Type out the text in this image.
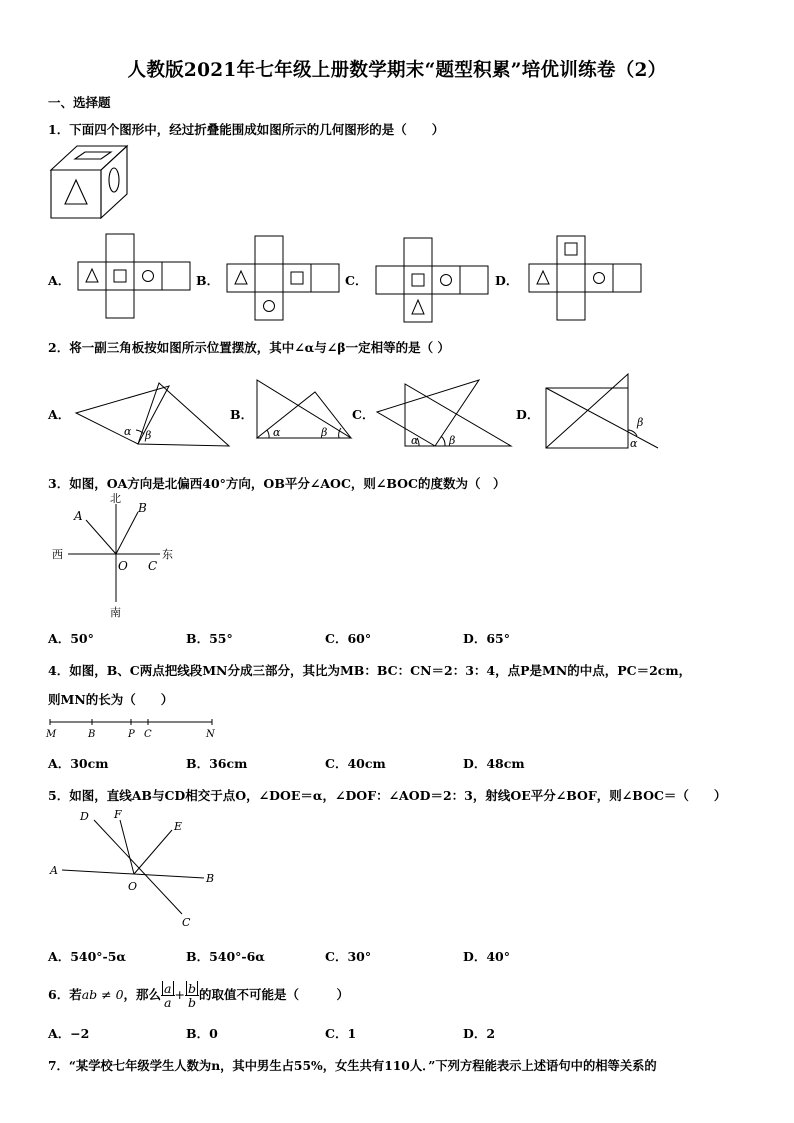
人教版2021年七年级上册数学期末“题型积累”培优训练卷（2）
一、选择题
1．下面四个图形中，经过折叠能围成如图所示的几何图形的是（　　）
A．	B．	C．	D．
2．将一副三角板按如图所示位置摆放，其中∠α与∠β一定相等的是（ ）
A．
α β
B．
α	β
C．
α	β
D．
β
α
3．如图，OA方向是北偏西40°方向，OB平分∠AOC，则∠BOC的度数为（　）
北
南
西	东
A
B
C
O
A．50°	B．55°	C．60°	D．65°
4．如图，B、C两点把线段MN分成三部分，其比为MB：BC：CN＝2：3：4，点P是MN的中点，PC＝2cm，
则MN的长为（　　）
M	B	P C	N
A．30cm	B．36cm	C．40cm	D．48cm
5．如图，直线AB与CD相交于点O，∠DOE＝α，∠DOF：∠AOD＝2：3，射线OE平分∠BOF，则∠BOC＝（　　）
D F
E
A
B
O
C
A．540°-5α	B．540°-6α	C．30°	D．40°
6．若ab ≠ 0，那么 $\frac{a}{a} + \frac{b}{b}$ 的取值不可能是（　　　）
A．−2	B．0	C．1	D．2
7．“某学校七年级学生人数为n，其中男生占55%，女生共有110人．”下列方程能表示上述语句中的相等关系的
